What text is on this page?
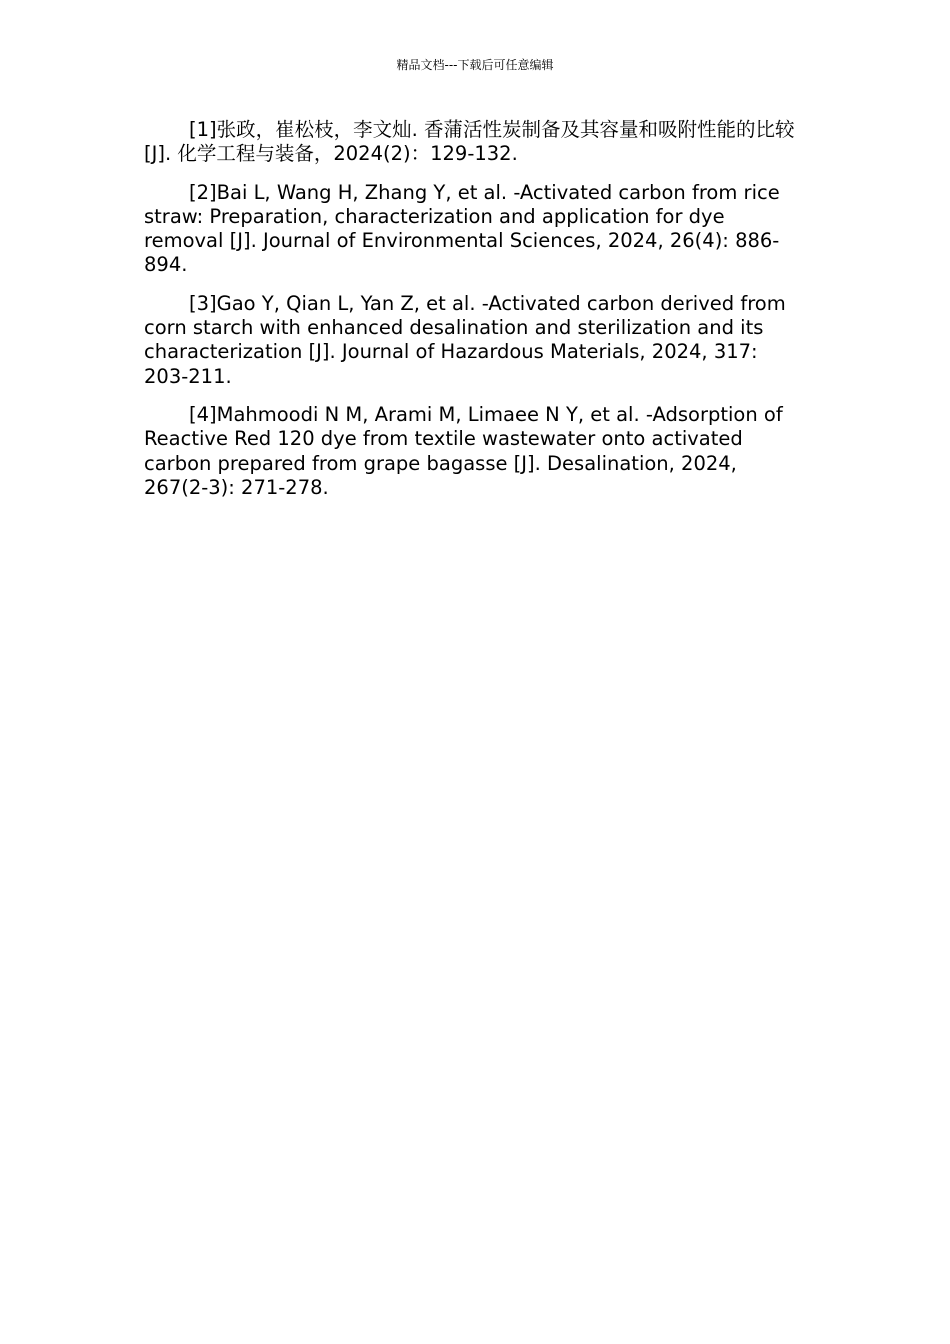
精品文档---下载后可任意编辑

[1]张政，崔松枝，李文灿. 香蒲活性炭制备及其容量和吸附性能的比较 [J]. 化学工程与装备，2024(2)：129-132.

[2]Bai L, Wang H, Zhang Y, et al. -Activated carbon from rice straw: Preparation, characterization and application for dye removal [J]. Journal of Environmental Sciences, 2024, 26(4): 886-894.

[3]Gao Y, Qian L, Yan Z, et al. -Activated carbon derived from corn starch with enhanced desalination and sterilization and its characterization [J]. Journal of Hazardous Materials, 2024, 317: 203-211.

[4]Mahmoodi N M, Arami M, Limaee N Y, et al. -Adsorption of Reactive Red 120 dye from textile wastewater onto activated carbon prepared from grape bagasse [J]. Desalination, 2024, 267(2-3): 271-278.
